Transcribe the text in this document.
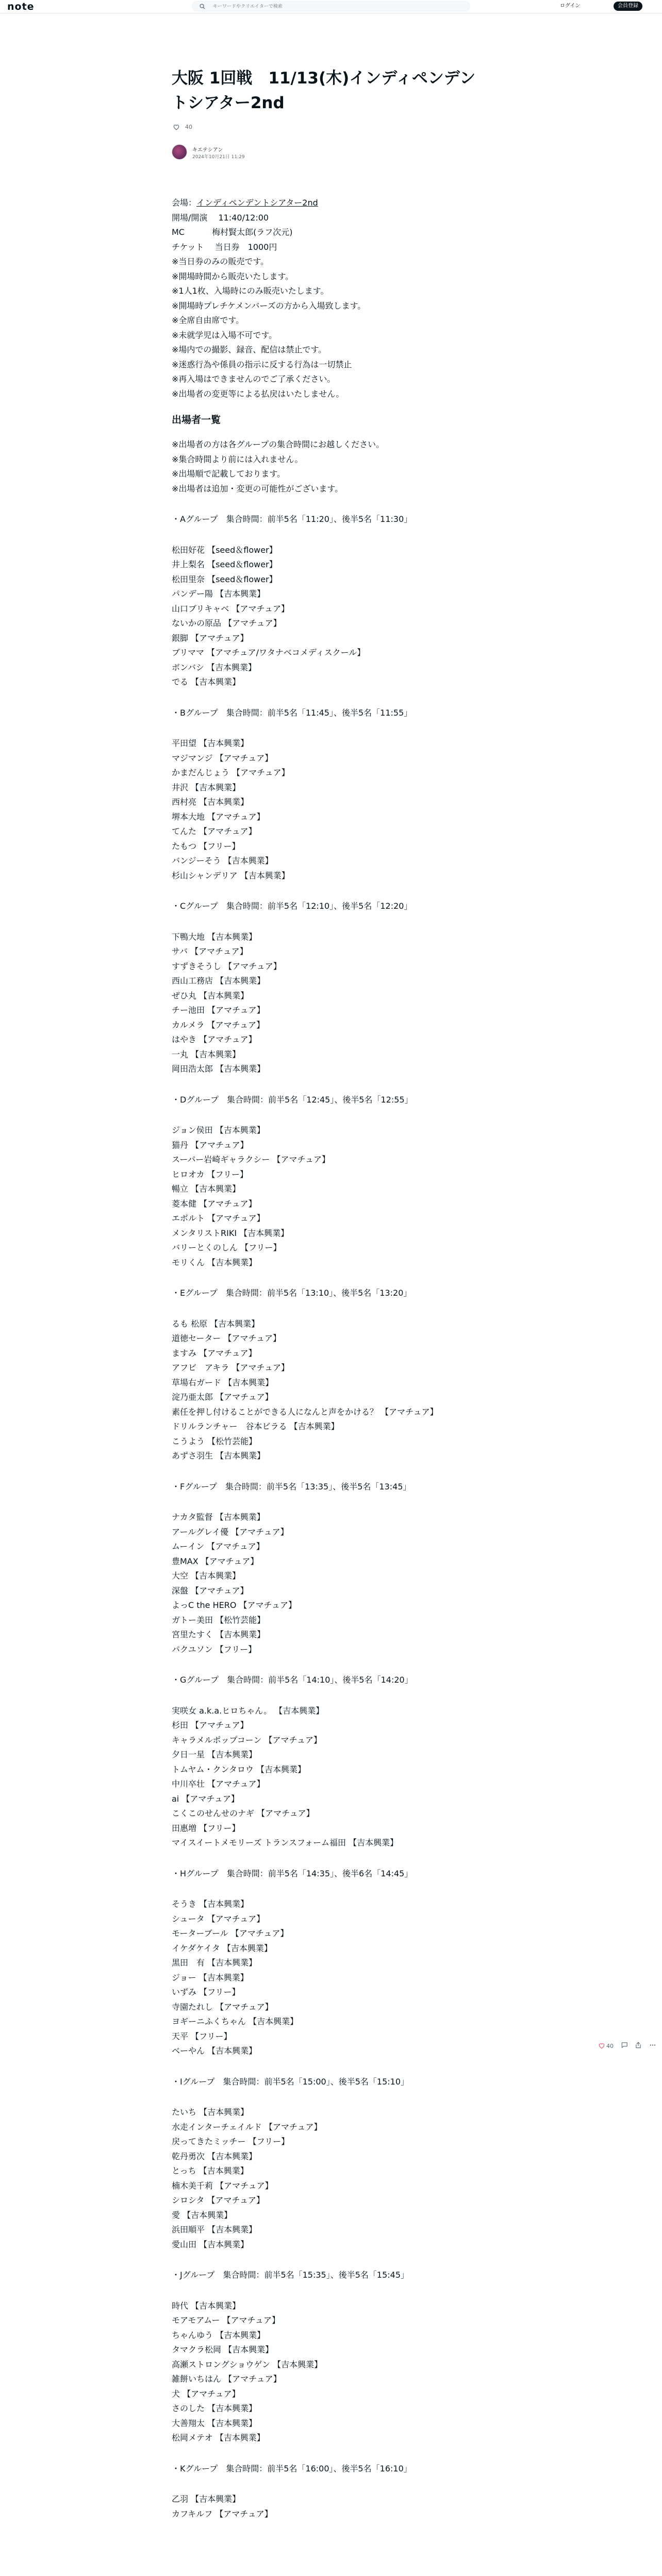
note
キーワードやクリエイターで検索	ログイン	会員登録
大阪 1回戦　11/13(木)インディペンデントシアター2nd
40
キエテシアン
2024年10月21日 11:29
会場：インディペンデントシアター2nd
開場/開演　 11:40/12:00
MC　　　 梅村賢太郎(ラフ次元)
チケット　 当日券　1000円
※当日券のみの販売です。
※開場時間から販売いたします。
※1人1枚、入場時にのみ販売いたします。
※開場時プレチケメンバーズの方から入場致します。
※全席自由席です。
※未就学児は入場不可です。
※場内での撮影、録音、配信は禁止です。
※迷惑行為や係員の指示に反する行為は一切禁止
※再入場はできませんのでご了承ください。
※出場者の変更等による払戻はいたしません。
出場者一覧
※出場者の方は各グループの集合時間にお越しください。
※集合時間より前には入れません。
※出場順で記載しております。
※出場者は追加・変更の可能性がございます。
・Aグループ　集合時間：前半5名「11:20」、後半5名「11:30」
松田好花 【seed＆flower】
井上梨名 【seed＆flower】
松田里奈 【seed＆flower】
パンデー陽 【吉本興業】
山口ブリキャベ 【アマチュア】
ないかの原品 【アマチュア】
銀脚 【アマチュア】
ブリママ 【アマチュア/ワタナベコメディスクール】
ボンバシ 【吉本興業】
でる 【吉本興業】
・Bグループ　集合時間：前半5名「11:45」、後半5名「11:55」
平田望 【吉本興業】
マジマンジ 【アマチュア】
かまだんじょう 【アマチュア】
井沢 【吉本興業】
西村亮 【吉本興業】
堺本大地 【アマチュア】
てんた 【アマチュア】
たもつ 【フリー】
バンジーそう 【吉本興業】
杉山シャンデリア 【吉本興業】
・Cグループ　集合時間：前半5名「12:10」、後半5名「12:20」
下鴨大地 【吉本興業】
サバ 【アマチュア】
すずきそうし 【アマチュア】
西山工務店 【吉本興業】
ぜひ丸 【吉本興業】
チー池田 【アマチュア】
カルメラ 【アマチュア】
はやき 【アマチュア】
一丸 【吉本興業】
岡田浩太郎 【吉本興業】
・Dグループ　集合時間：前半5名「12:45」、後半5名「12:55」
ジョン侯田 【吉本興業】
猫丹 【アマチュア】
スーパー岩崎ギャラクシー 【アマチュア】
ヒロオカ 【フリー】
暢立 【吉本興業】
菱本健 【アマチュア】
エボルト 【アマチュア】
メンタリストRIKI 【吉本興業】
バリーとくのしん 【フリー】
モリくん 【吉本興業】
・Eグループ　集合時間：前半5名「13:10」、後半5名「13:20」
るも 松原 【吉本興業】
道徳セーター 【アマチュア】
ますみ 【アマチュア】
アフビ　アキラ 【アマチュア】
草場右ガード 【吉本興業】
淀乃亜太郎 【アマチュア】
素任を押し付けることができる人になんと声をかける？ 【アマチュア】
ドリルランチャー　谷本ビラる 【吉本興業】
こうよう 【松竹芸能】
あずさ羽生 【吉本興業】
・Fグループ　集合時間：前半5名「13:35」、後半5名「13:45」
ナカタ監督 【吉本興業】
アールグレイ優 【アマチュア】
ムーイン 【アマチュア】
豊MAX 【アマチュア】
大空 【吉本興業】
深盤 【アマチュア】
よっC the HERO 【アマチュア】
ガトー美田 【松竹芸能】
宮里たすく 【吉本興業】
パクユソン 【フリー】
・Gグループ　集合時間：前半5名「14:10」、後半5名「14:20」
実咲女 a.k.a.ヒロちゃん。 【吉本興業】
杉田 【アマチュア】
キャラメルポップコーン 【アマチュア】
夕日一星 【吉本興業】
トムヤム・クンタロウ 【吉本興業】
中川卒壮 【アマチュア】
ai 【アマチュア】
こくこのせんせのナギ 【アマチュア】
田惠増 【フリー】
マイスイートメモリーズ トランスフォーム福田 【吉本興業】
・Hグループ　集合時間：前半5名「14:35」、後半6名「14:45」
そうき 【吉本興業】
シュータ 【アマチュア】
モーターブール 【アマチュア】
イケダケイタ 【吉本興業】
黒田　有 【吉本興業】
ジョー 【吉本興業】
いずみ 【フリー】
寺園たれし 【アマチュア】
ヨギーニふくちゃん 【吉本興業】
天平 【フリー】
ベーやん 【吉本興業】
・Iグループ　集合時間：前半5名「15:00」、後半5名「15:10」
たいち 【吉本興業】
水走インターチェイルド 【アマチュア】
戻ってきたミッチー 【フリー】
乾丹勇次 【吉本興業】
とっち 【吉本興業】
楠木美千莉 【アマチュア】
シロシタ 【アマチュア】
愛 【吉本興業】
浜田順平 【吉本興業】
愛山田 【吉本興業】
・Jグループ　集合時間：前半5名「15:35」、後半5名「15:45」
時代 【吉本興業】
モアモアムー 【アマチュア】
ちゃんゆう 【吉本興業】
タマクラ松岡 【吉本興業】
高瀬ストロングショウゲン 【吉本興業】
雑餅いちはん 【アマチュア】
犬 【アマチュア】
さのした 【吉本興業】
大善翔太 【吉本興業】
松岡メテオ 【吉本興業】
・Kグループ　集合時間：前半5名「16:00」、後半5名「16:10」
乙羽 【吉本興業】
カフキルフ 【アマチュア】
40
